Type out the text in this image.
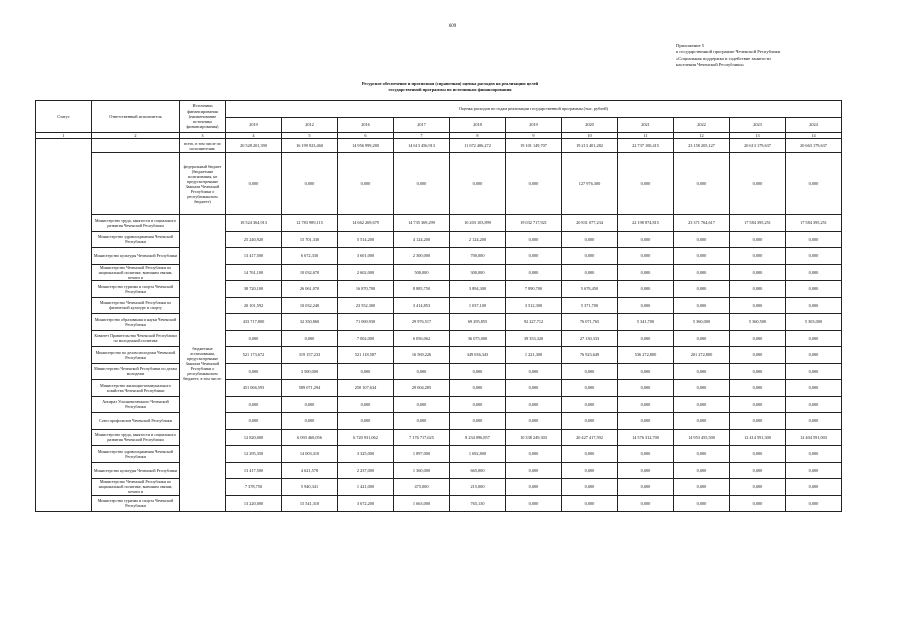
609
Приложение 5
к государственной программе Чеченской Республики
«Социальная поддержка и содействие занятости
населения Чеченской Республики»
Ресурсное обеспечение и прогнозная (справочная) оценка расходов на реализацию целей
государственной программы по источникам финансирования
Статус	Ответственный исполнитель	Источники финансирования (наименование источника финансирования)	Оценка расходов по годам реализации государственной программы (тыс. рублей)										
			2019	2012	2016	2017	2018	2019	2020	2021	2022	2023	2024
1	2	3	4	5	6	7	8	9	10	11	12	13	14
		всего, в том числе по исполнителям:	20 528 201,390	16 199 923,460	14 956 999,280	14 613 456,913	11 672 406,272	19 101 149,707	19 213 401,282	22 737 100,415	23 158 205,127	20 613 179,637	20 663 179,637
		федеральный бюджет (бюджетные ассигнования, не предусмотренные Законом Чеченской Республики о республиканском бюджете)	0,000	0,000	0,000	0,000	0,000	0,000	127 976,300	0,000	0,000	0,000	0,000
	Министерство труда, занятости и социального развития Чеченской Республики	бюджетные ассигнования, предусмотренные Законом Чеченской Республики о республиканском бюджете, в том числе:	18 524 364,913	12 783 989,115	14 662 269,679	14 735 369,299	10 203 103,899	19 032 717,921	20 831 077,234	22 198 874,815	23 371 764,617	17 584 395,251	17 584 395,251
	Министерство здравоохранения Чеченской Республики		25 240,920	15 701,330	5 514,200	4 124,200	2 124,200	0,000	0,000	0,000	0,000	0,000	0,000
	Министерство культуры Чеченской Республики		13 417,500	6 672,330	3 601,000	2 300,000	700,000	0,000	0,000	0,000	0,000	0,000	0,000
	Министерство Чеченской Республики по национальной политике, внешним связям, печати и		14 761,100	10 032,670	2 602,000	500,000	300,000	0,000	0,000	0,000	0,000	0,000	0,000
	Министерство туризма и спорта Чеченской Республики		38 720,100	26 061,070	16 870,700	8 885,750	3 894,300	7 890,700	5 678,450	0,000	0,000	0,000	0,000
	Министерство Чеченской Республики по физической культуре и спорту		20 101,592	10 032,240	23 552,300	3 414,853	1 037,100	3 512,300	5 371,700	0,000	0,000	0,000	0,000
	Министерство образования и науки Чеченской Республики		433 717,800	32 350,860	71 069,930	29 976,517	69 295,855	92 227,712	76 071,765	5 341,700	5 360,000	5 360,500	5 303,000
	Комитет Правительства Чеченской Республики по молодежной политике		0,000	0,000	7 002,000	6 056,062	36 075,000	39 353,320	27 130,333	0,000	0,000	0,000	0,000
	Министерство по делам молодежи Чеченской Республики		521 173,672	319 157,233	521 118,587	16 569,226	349 036,343	1 221,300	76 923,649	536 272,800	201 272,800	0,000	0,000
	Министерство Чеченской Республики по делам молодежи		0,000	3 500,000	0,000	0,000	0,000	0,000	0,000	0,000	0,000	0,000	0,000
	Министерство жилищно-коммунального хозяйства Чеченской Республики		451 066,593	589 071,294	250 107,634	29 004,285	0,000	0,000	0,000	0,000	0,000	0,000	0,000
	Аппарат Уполномоченного Чеченской Республики		0,000	0,000	0,000	0,000	0,000	0,000	0,000	0,000	0,000	0,000	0,000
	Союз профсоюзов Чеченской Республики		0,000	0,000	0,000	0,000	0,000	0,000	0,000	0,000	0,000	0,000	0,000
	Министерство труда, занятости и социального развития Чеченской Республики		12 820,000	6 093 460,056	6 720 931,062	7 176 717,625	8 234 096,857	10 338 249,303	20 427 417,592	14 576 312,700	14 953 455,500	12 414 591,300	12 404 591,003
	Министерство здравоохранения Чеченской Республики		12 295,350	14 003,310	3 325,000	1 897,000	1 692,800	0,000	0,000	0,000	0,000	0,000	0,000
	Министерство культуры Чеченской Республики		13 417,500	4 621,578	2 237,000	1 360,000	665,000	0,000	0,000	0,000	0,000	0,000	0,000
	Министерство Чеченской Республики по национальной политике, внешним связям, печати и		7 378,750	5 940,341	1 421,000	475,000	215,000	0,000	0,000	0,000	0,000	0,000	0,000
	Министерство туризма и спорта Чеченской Республики		13 220,000	15 541,310	3 672,200	1 663,000	765,130	0,000	0,000	0,000	0,000	0,000	0,000
